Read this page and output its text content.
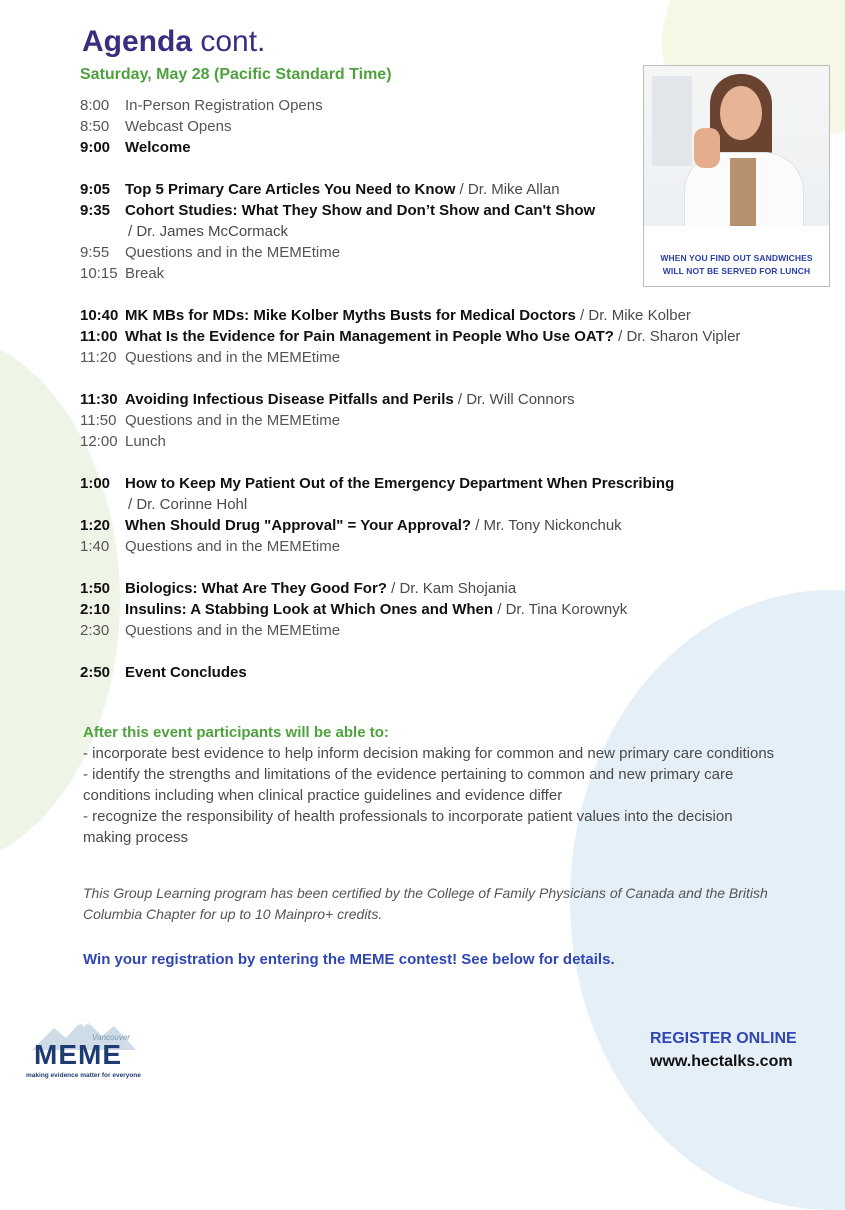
Agenda cont.
Saturday, May 28 (Pacific Standard Time)
8:00	In-Person Registration Opens
8:50	Webcast Opens
9:00 Welcome
9:05 Top 5 Primary Care Articles You Need to Know / Dr. Mike Allan
9:35 Cohort Studies: What They Show and Don’t Show and Can't Show
/ Dr. James McCormack
9:55	Questions and in the MEMEtime
10:15 Break
10:40 MK MBs for MDs: Mike Kolber Myths Busts for Medical Doctors / Dr. Mike Kolber
11:00 What Is the Evidence for Pain Management in People Who Use OAT? / Dr. Sharon Vipler
11:20 Questions and in the MEMEtime
11:30 Avoiding Infectious Disease Pitfalls and Perils / Dr. Will Connors
11:50 Questions and in the MEMEtime
12:00 Lunch
1:00 How to Keep My Patient Out of the Emergency Department When Prescribing
/ Dr. Corinne Hohl
1:20 When Should Drug "Approval" = Your Approval? / Mr. Tony Nickonchuk
1:40	Questions and in the MEMEtime
1:50 Biologics: What Are They Good For? / Dr. Kam Shojania
2:10 Insulins: A Stabbing Look at Which Ones and When / Dr. Tina Korownyk
2:30	Questions and in the MEMEtime
2:50 Event Concludes
WHEN YOU FIND OUT SANDWICHES
WILL NOT BE SERVED FOR LUNCH
After this event participants will be able to:

- incorporate best evidence to help inform decision making for common and new primary care conditions

- identify the strengths and limitations of the evidence pertaining to common and new primary care conditions including when clinical practice guidelines and evidence differ

- recognize the responsibility of health professionals to incorporate patient values into the decision making process

This Group Learning program has been certified by the College of Family Physicians of Canada and the British Columbia Chapter for up to 10 Mainpro+ credits.
Win your registration by entering the MEME contest! See below for details.
Vancouver
MEME
making evidence matter for everyone
REGISTER ONLINE
www.hectalks.com
